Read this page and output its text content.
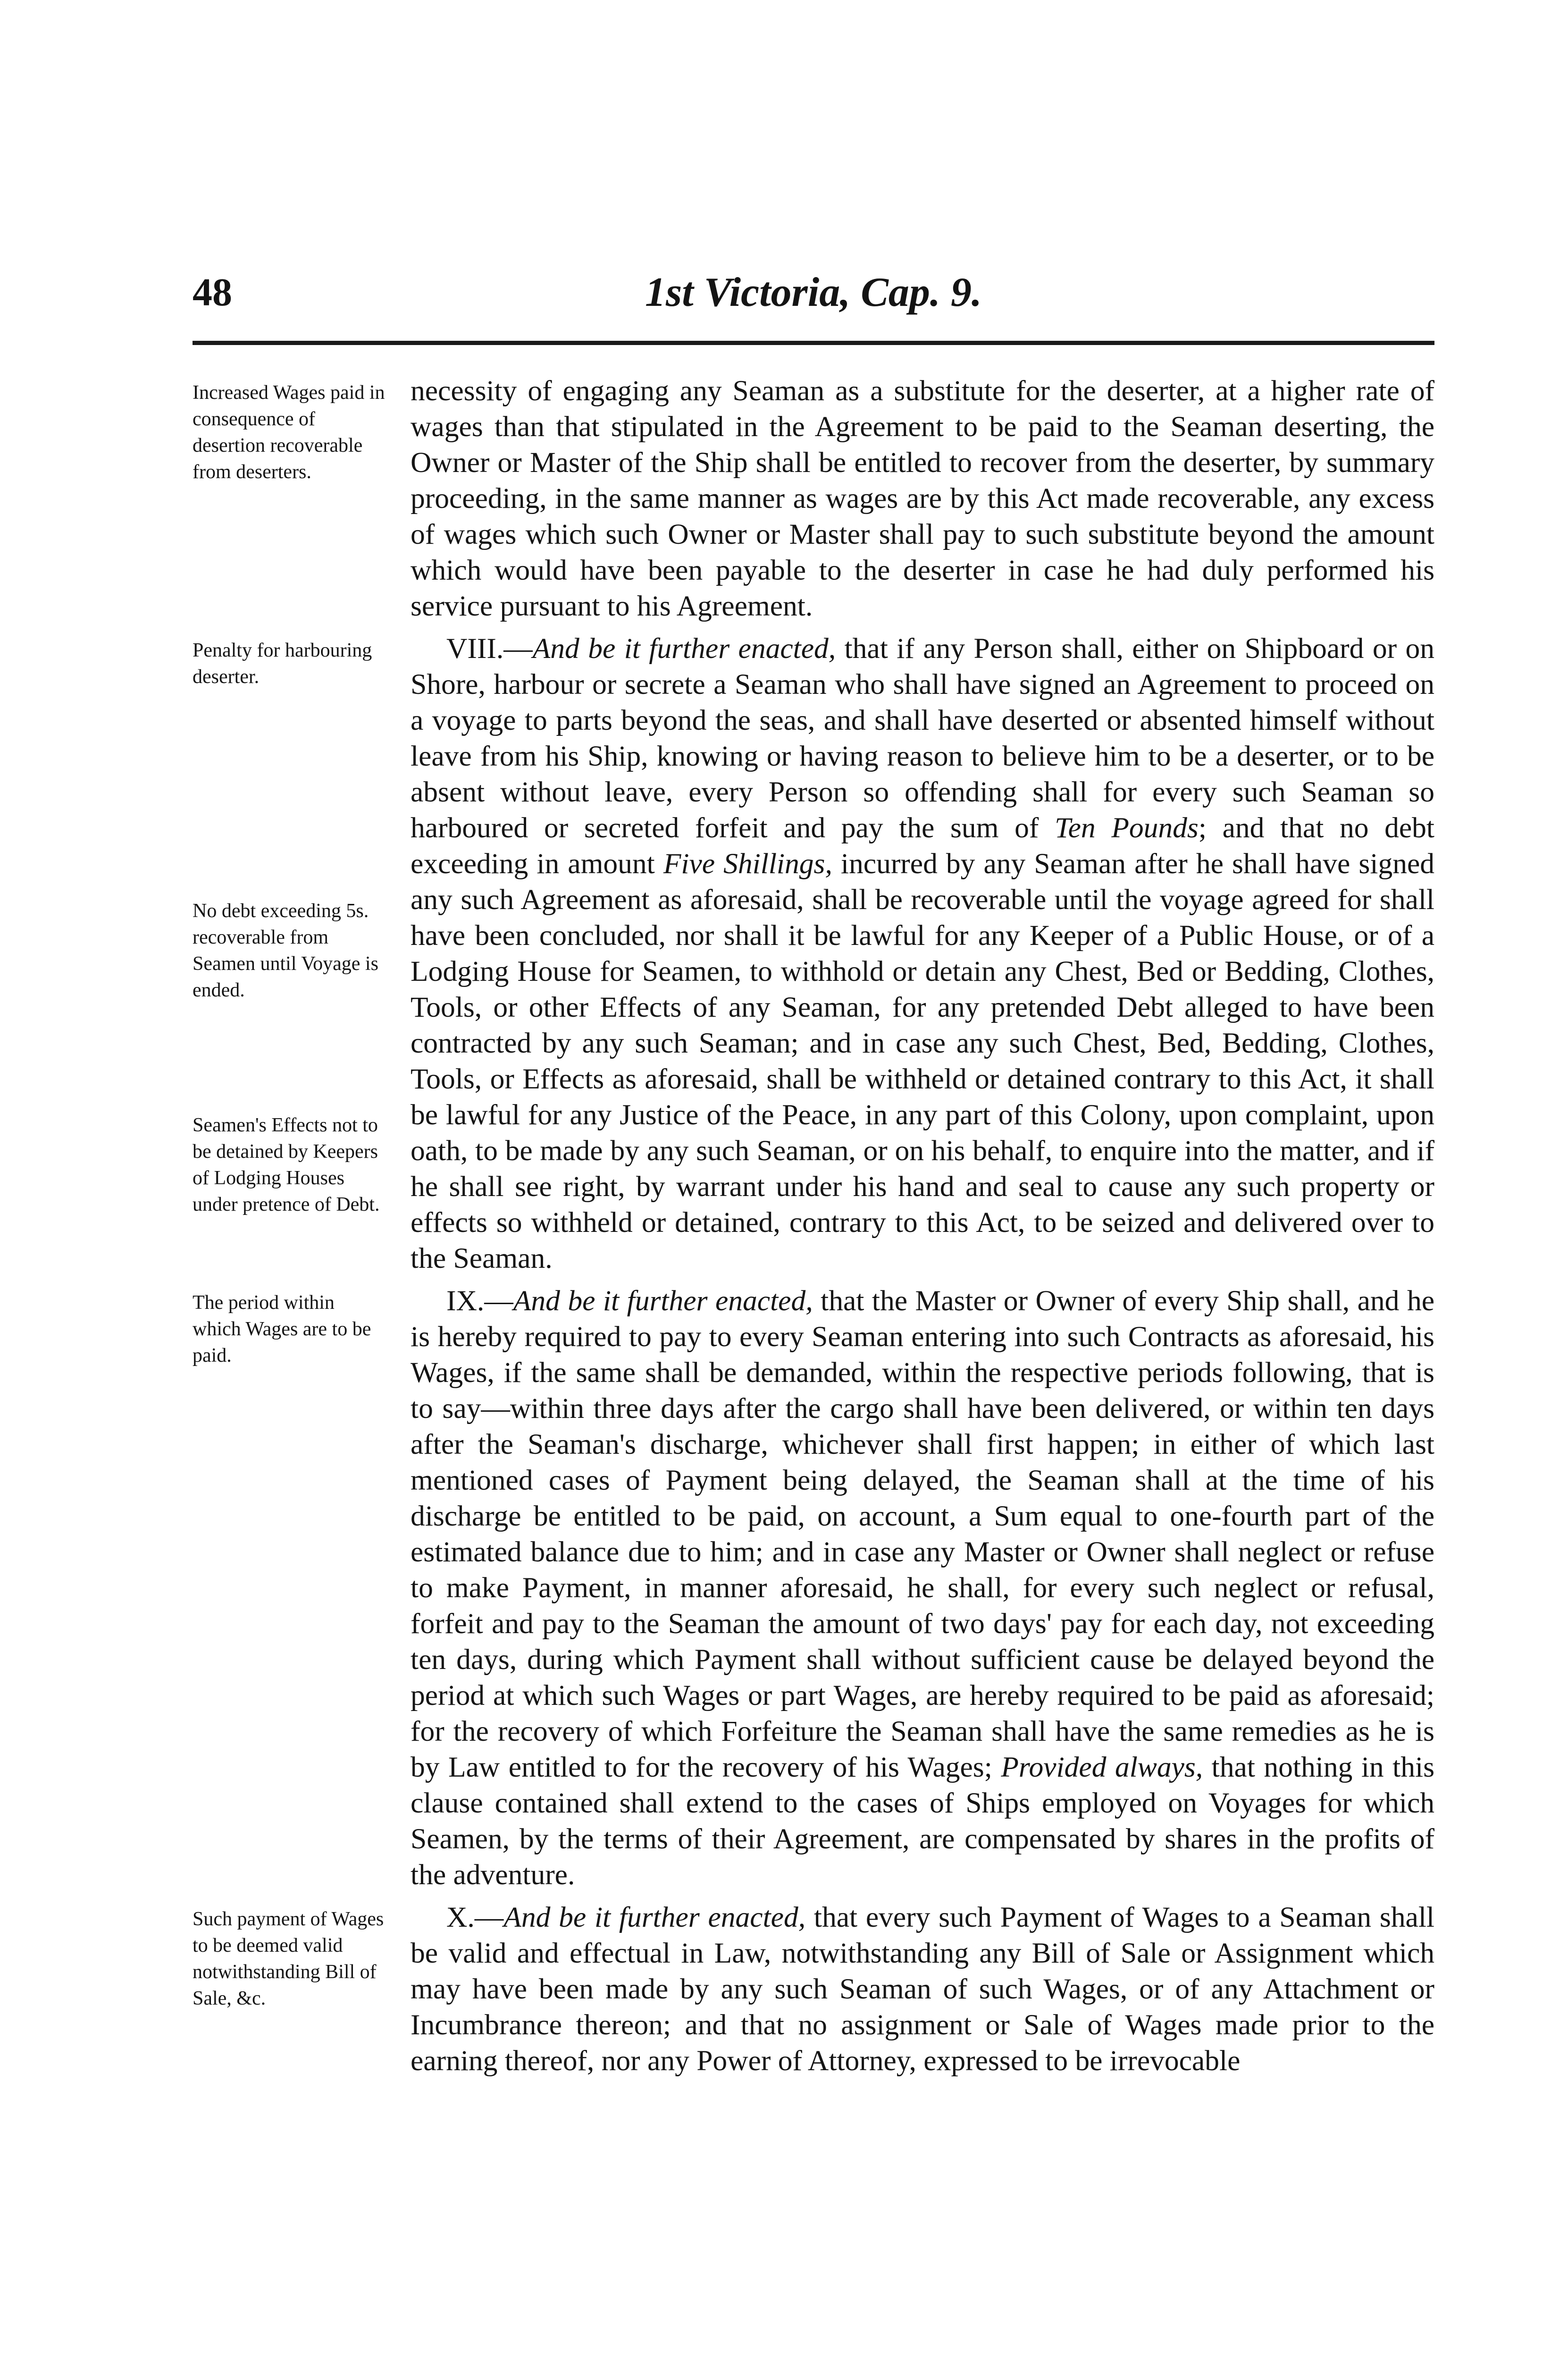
48	1st Victoria, Cap. 9.
Increased Wages paid in consequence of desertion recoverable from deserters.

necessity of engaging any Seaman as a substitute for the deserter, at a higher rate of wages than that stipulated in the Agreement to be paid to the Seaman deserting, the Owner or Master of the Ship shall be entitled to recover from the deserter, by summary proceeding, in the same manner as wages are by this Act made recoverable, any excess of wages which such Owner or Master shall pay to such substitute beyond the amount which would have been payable to the deserter in case he had duly performed his service pursuant to his Agreement.

Penalty for harbouring deserter.
No debt exceeding 5s. recoverable from Seamen until Voyage is ended.
Seamen's Effects not to be detained by Keepers of Lodging Houses under pretence of Debt.

VIII.—And be it further enacted, that if any Person shall, either on Shipboard or on Shore, harbour or secrete a Seaman who shall have signed an Agreement to proceed on a voyage to parts beyond the seas, and shall have deserted or absented himself without leave from his Ship, knowing or having reason to believe him to be a deserter, or to be absent without leave, every Person so offending shall for every such Seaman so harboured or secreted forfeit and pay the sum of Ten Pounds; and that no debt exceeding in amount Five Shillings, incurred by any Seaman after he shall have signed any such Agreement as aforesaid, shall be recoverable until the voyage agreed for shall have been concluded, nor shall it be lawful for any Keeper of a Public House, or of a Lodging House for Seamen, to withhold or detain any Chest, Bed or Bedding, Clothes, Tools, or other Effects of any Seaman, for any pretended Debt alleged to have been contracted by any such Seaman; and in case any such Chest, Bed, Bedding, Clothes, Tools, or Effects as aforesaid, shall be withheld or detained contrary to this Act, it shall be lawful for any Justice of the Peace, in any part of this Colony, upon complaint, upon oath, to be made by any such Seaman, or on his behalf, to enquire into the matter, and if he shall see right, by warrant under his hand and seal to cause any such property or effects so withheld or detained, contrary to this Act, to be seized and delivered over to the Seaman.

The period within which Wages are to be paid.

IX.—And be it further enacted, that the Master or Owner of every Ship shall, and he is hereby required to pay to every Seaman entering into such Contracts as aforesaid, his Wages, if the same shall be demanded, within the respective periods following, that is to say—within three days after the cargo shall have been delivered, or within ten days after the Seaman's discharge, whichever shall first happen; in either of which last mentioned cases of Payment being delayed, the Seaman shall at the time of his discharge be entitled to be paid, on account, a Sum equal to one-fourth part of the estimated balance due to him; and in case any Master or Owner shall neglect or refuse to make Payment, in manner aforesaid, he shall, for every such neglect or refusal, forfeit and pay to the Seaman the amount of two days' pay for each day, not exceeding ten days, during which Payment shall without sufficient cause be delayed beyond the period at which such Wages or part Wages, are hereby required to be paid as aforesaid; for the recovery of which Forfeiture the Seaman shall have the same remedies as he is by Law entitled to for the recovery of his Wages; Provided always, that nothing in this clause contained shall extend to the cases of Ships employed on Voyages for which Seamen, by the terms of their Agreement, are compensated by shares in the profits of the adventure.

Such payment of Wages to be deemed valid notwithstanding Bill of Sale, &c.

X.—And be it further enacted, that every such Payment of Wages to a Seaman shall be valid and effectual in Law, notwithstanding any Bill of Sale or Assignment which may have been made by any such Seaman of such Wages, or of any Attachment or Incumbrance thereon; and that no assignment or Sale of Wages made prior to the earning thereof, nor any Power of Attorney, expressed to be irrevocable
